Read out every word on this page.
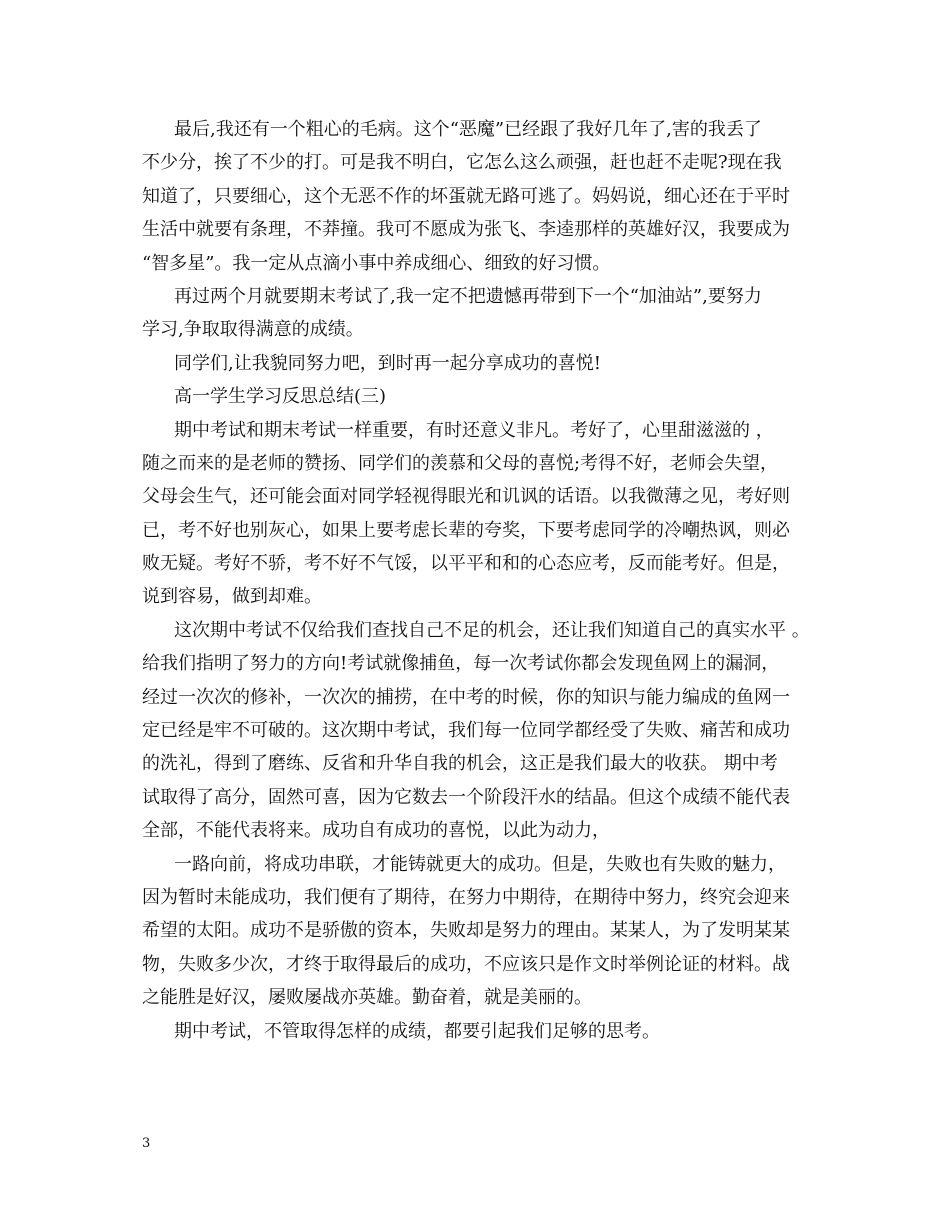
最后,我还有一个粗心的毛病。这个“恶魔”已经跟了我好几年了,害的我丢了
不少分，挨了不少的打。可是我不明白，它怎么这么顽强，赶也赶不走呢?现在我
知道了，只要细心，这个无恶不作的坏蛋就无路可逃了。妈妈说，细心还在于平时
生活中就要有条理，不莽撞。我可不愿成为张飞、李逵那样的英雄好汉，我要成为
“智多星”。我一定从点滴小事中养成细心、细致的好习惯。
再过两个月就要期末考试了,我一定不把遗憾再带到下一个“加油站”,要努力
学习,争取取得满意的成绩。
同学们,让我貌同努力吧，到时再一起分享成功的喜悦!
高一学生学习反思总结(三)
期中考试和期末考试一样重要，有时还意义非凡。考好了，心里甜滋滋的 ，
随之而来的是老师的赞扬、同学们的羡慕和父母的喜悦;考得不好，老师会失望，
父母会生气，还可能会面对同学轻视得眼光和讥讽的话语。以我微薄之见，考好则
已，考不好也别灰心，如果上要考虑长辈的夸奖，下要考虑同学的冷嘲热讽，则必
败无疑。考好不骄，考不好不气馁，以平平和和的心态应考，反而能考好。但是，
说到容易，做到却难。
这次期中考试不仅给我们查找自己不足的机会，还让我们知道自己的真实水平 。
给我们指明了努力的方向!考试就像捕鱼，每一次考试你都会发现鱼网上的漏洞，
经过一次次的修补，一次次的捕捞，在中考的时候，你的知识与能力编成的鱼网一
定已经是牢不可破的。这次期中考试，我们每一位同学都经受了失败、痛苦和成功
的洗礼，得到了磨练、反省和升华自我的机会，这正是我们最大的收获。 期中考
试取得了高分，固然可喜，因为它数去一个阶段汗水的结晶。但这个成绩不能代表
全部，不能代表将来。成功自有成功的喜悦，以此为动力，
一路向前，将成功串联，才能铸就更大的成功。但是，失败也有失败的魅力，
因为暂时未能成功，我们便有了期待，在努力中期待，在期待中努力，终究会迎来
希望的太阳。成功不是骄傲的资本，失败却是努力的理由。某某人，为了发明某某
物，失败多少次，才终于取得最后的成功，不应该只是作文时举例论证的材料。战
之能胜是好汉，屡败屡战亦英雄。勤奋着，就是美丽的。
期中考试，不管取得怎样的成绩，都要引起我们足够的思考。
3
